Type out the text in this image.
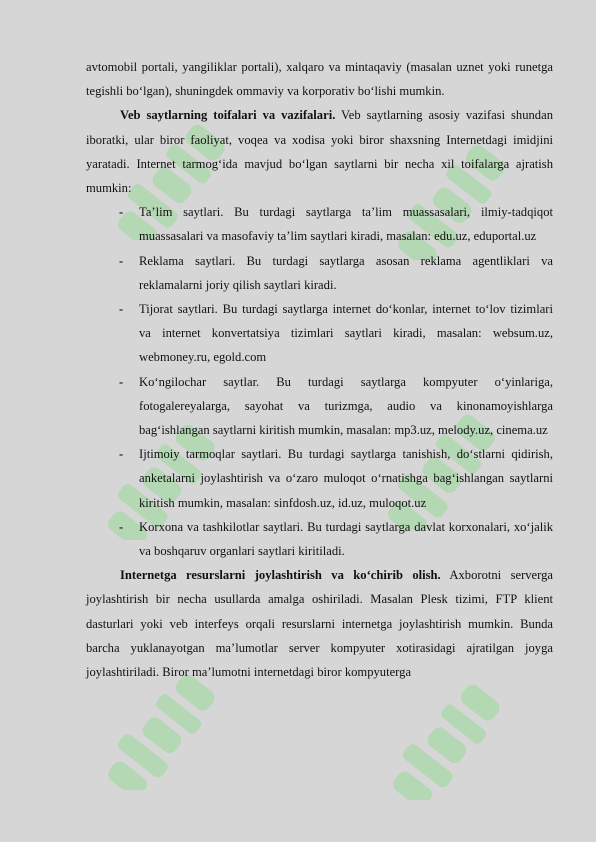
avtomobil portali, yangiliklar portali), xalqaro va mintaqaviy (masalan uznet yoki runetga tegishli bo‘lgan), shuningdek ommaviy va korporativ bo‘lishi mumkin.

Veb saytlarning toifalari va vazifalari. Veb saytlarning asosiy vazifasi shundan iboratki, ular biror faoliyat, voqea va xodisa yoki biror shaxsning Internetdagi imidjini yaratadi. Internet tarmog‘ida mavjud bo‘lgan saytlarni bir necha xil toifalarga ajratish mumkin:

- Ta’lim saytlari. Bu turdagi saytlarga ta’lim muassasalari, ilmiy-tadqiqot muassasalari va masofaviy ta’lim saytlari kiradi, masalan: edu.uz, eduportal.uz
- Reklama saytlari. Bu turdagi saytlarga asosan reklama agentliklari va reklamalarni joriy qilish saytlari kiradi.
- Tijorat saytlari. Bu turdagi saytlarga internet do‘konlar, internet to‘lov tizimlari va internet konvertatsiya tizimlari saytlari kiradi, masalan: websum.uz, webmoney.ru, egold.com
- Ko‘ngilochar saytlar. Bu turdagi saytlarga kompyuter o‘yinlariga, fotogalereyalarga, sayohat va turizmga, audio va kinonamoyishlarga bag‘ishlangan saytlarni kiritish mumkin, masalan: mp3.uz, melody.uz, cinema.uz
- Ijtimoiy tarmoqlar saytlari. Bu turdagi saytlarga tanishish, do‘stlarni qidirish, anketalarni joylashtirish va o‘zaro muloqot o‘rnatishga bag‘ishlangan saytlarni kiritish mumkin, masalan: sinfdosh.uz, id.uz, muloqot.uz
- Korxona va tashkilotlar saytlari. Bu turdagi saytlarga davlat korxonalari, xo‘jalik va boshqaruv organlari saytlari kiritiladi.

Internetga resurslarni joylashtirish va ko‘chirib olish. Axborotni serverga joylashtirish bir necha usullarda amalga oshiriladi. Masalan Plesk tizimi, FTP klient dasturlari yoki veb interfeys orqali resurslarni internetga joylashtirish mumkin. Bunda barcha yuklanayotgan ma’lumotlar server kompyuter xotirasidagi ajratilgan joyga joylashtiriladi. Biror ma’lumotni internetdagi biror kompyuterga
